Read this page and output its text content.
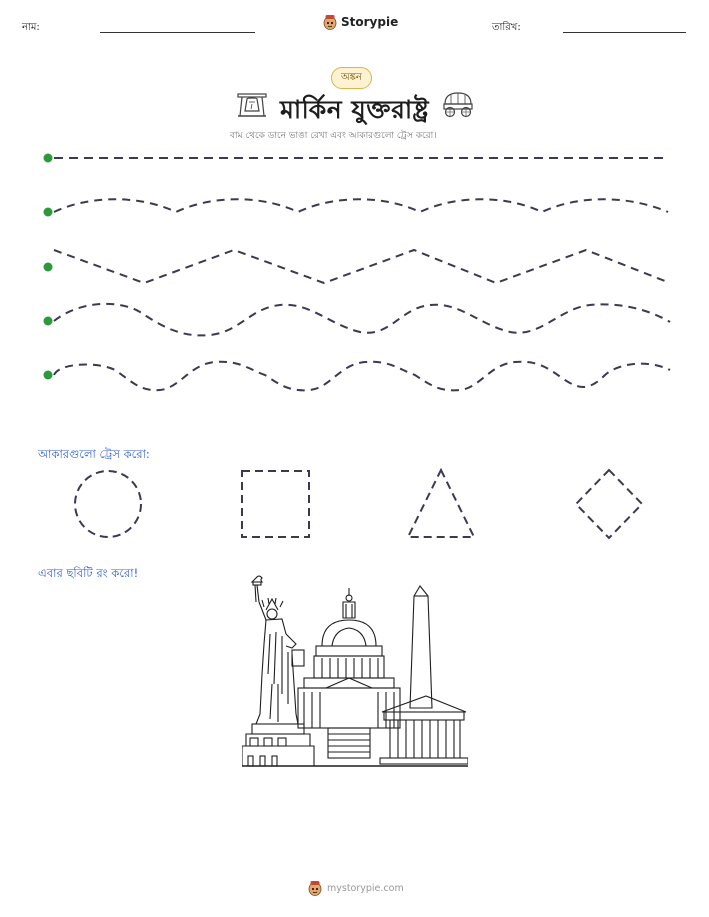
নাম:	Storypie	তারিখ:
অঙ্কন
মার্কিন যুক্তরাষ্ট্র
বাম থেকে ডানে ভাঙা রেখা এবং আকারগুলো ট্রেস করো।
আকারগুলো ট্রেস করো:
এবার ছবিটি রং করো!
mystorypie.com
